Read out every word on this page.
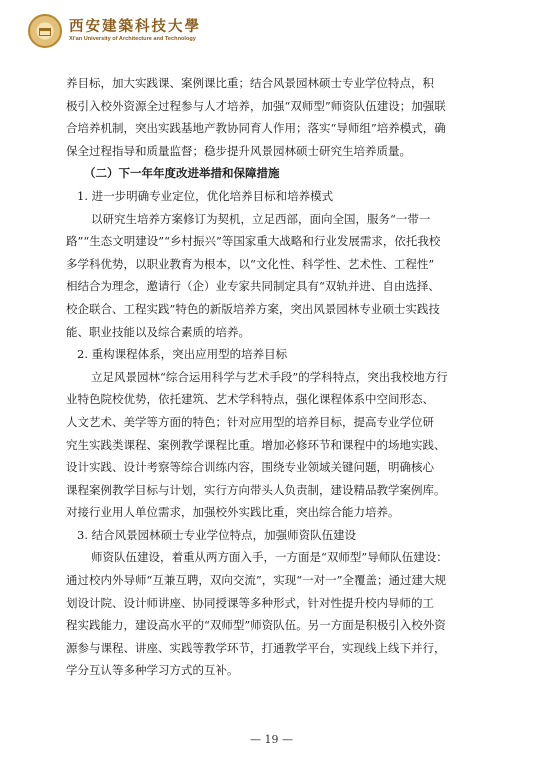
西安建築科技大學
Xi'an University of Architecture and Technology
养目标，加大实践课、案例课比重；结合风景园林硕士专业学位特点，积
极引入校外资源全过程参与人才培养，加强“双师型”师资队伍建设；加强联
合培养机制，突出实践基地产教协同育人作用；落实“导师组”培养模式，确
保全过程指导和质量监督；稳步提升风景园林硕士研究生培养质量。
（二）下一年年度改进举措和保障措施
1. 进一步明确专业定位，优化培养目标和培养模式
以研究生培养方案修订为契机，立足西部，面向全国，服务“一带一
路”“生态文明建设”“乡村振兴”等国家重大战略和行业发展需求，依托我校
多学科优势，以职业教育为根本，以“文化性、科学性、艺术性、工程性”
相结合为理念，邀请行（企）业专家共同制定具有“双轨并进、自由选择、
校企联合、工程实践”特色的新版培养方案，突出风景园林专业硕士实践技
能、职业技能以及综合素质的培养。
2. 重构课程体系，突出应用型的培养目标
立足风景园林“综合运用科学与艺术手段”的学科特点，突出我校地方行
业特色院校优势，依托建筑、艺术学科特点，强化课程体系中空间形态、
人文艺术、美学等方面的特色；针对应用型的培养目标，提高专业学位研
究生实践类课程、案例教学课程比重。增加必修环节和课程中的场地实践、
设计实践、设计考察等综合训练内容，围绕专业领域关键问题，明确核心
课程案例教学目标与计划，实行方向带头人负责制，建设精品教学案例库。
对接行业用人单位需求，加强校外实践比重，突出综合能力培养。
3. 结合风景园林硕士专业学位特点，加强师资队伍建设
师资队伍建设，着重从两方面入手，一方面是“双师型”导师队伍建设：
通过校内外导师“互兼互聘，双向交流”，实现“一对一”全覆盖；通过建大规
划设计院、设计师讲座、协同授课等多种形式，针对性提升校内导师的工
程实践能力，建设高水平的“双师型”师资队伍。另一方面是积极引入校外资
源参与课程、讲座、实践等教学环节，打通教学平台，实现线上线下并行，
学分互认等多种学习方式的互补。
— 19 —
